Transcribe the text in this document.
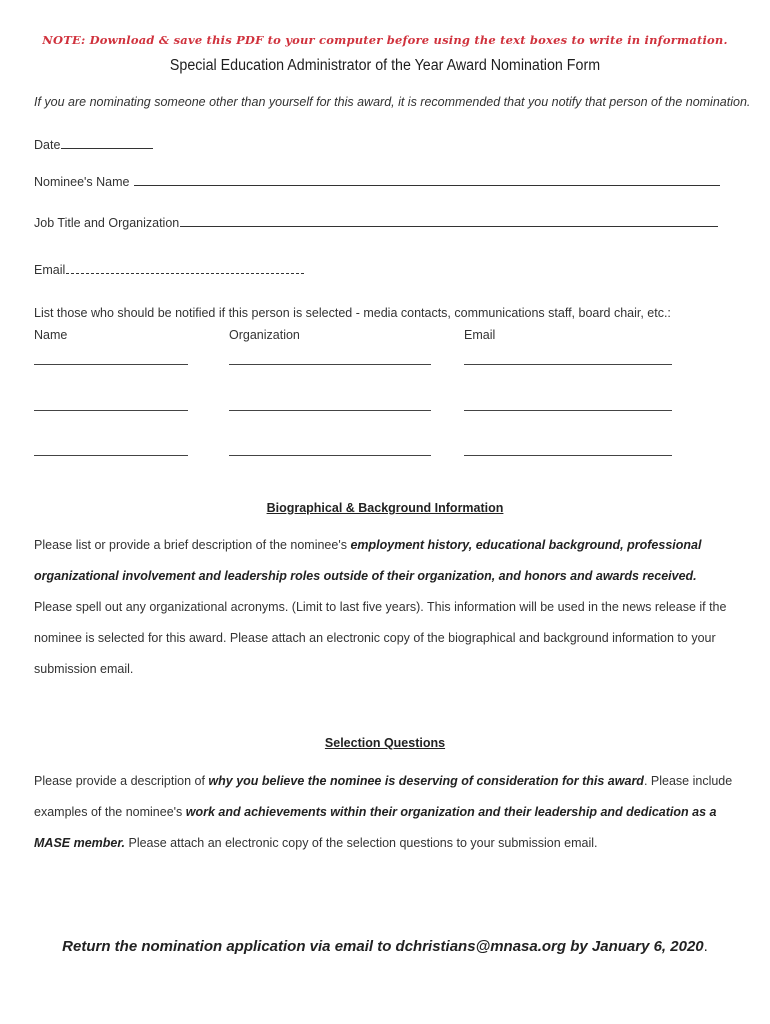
NOTE: Download & save this PDF to your computer before using the text boxes to write in information.
Special Education Administrator of the Year Award Nomination Form
If you are nominating someone other than yourself for this award, it is recommended that you notify that person of the nomination.
Date
Nominee's Name
Job Title and Organization
Email
List those who should be notified if this person is selected - media contacts, communications staff, board chair, etc.:
Name	Organization	Email
Biographical & Background Information
Please list or provide a brief description of the nominee's employment history, educational background, professional organizational involvement and leadership roles outside of their organization, and honors and awards received. Please spell out any organizational acronyms. (Limit to last five years). This information will be used in the news release if the nominee is selected for this award. Please attach an electronic copy of the biographical and background information to your submission email.
Selection Questions
Please provide a description of why you believe the nominee is deserving of consideration for this award. Please include examples of the nominee's work and achievements within their organization and their leadership and dedication as a MASE member. Please attach an electronic copy of the selection questions to your submission email.
Return the nomination application via email to dchristians@mnasa.org by January 6, 2020.
